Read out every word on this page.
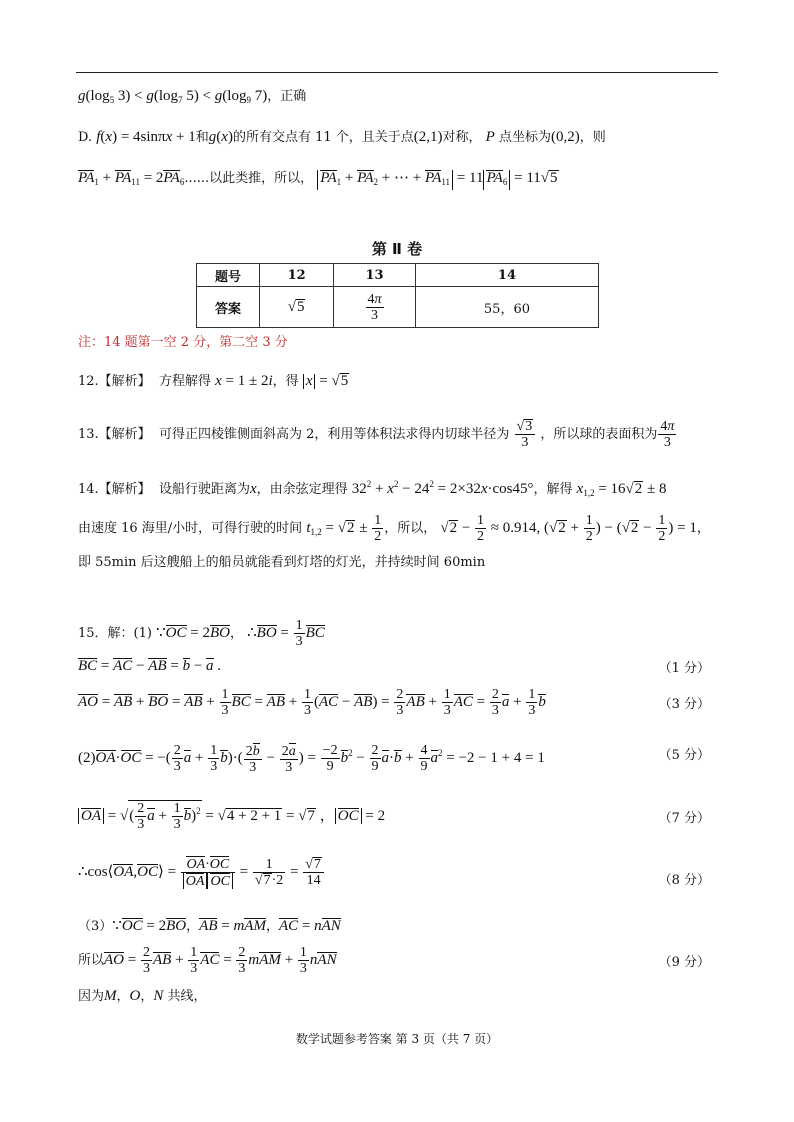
$g(\log_5$ $3) < g(\log_7$ $5) < g(\log_9$ 7)，正确
D. f(x) = 4sinπx + 1和g(x)的所有交点有 11 个，且关于点(2,1)对称， P 点坐标为(0,2)，则
$PA_1 + PA_{11} = 2PA_6$......以此类推，所以， $PA_1 + PA_2$ + ⋯ + $PA_{11} = 11$ $PA_6 = 11√5$
第 Ⅱ 卷
题号	12	13	14
答案	√5	$\frac{4\pi}{3}$	55，60
注：14 题第一空 2 分，第二空 3 分
12.【解析】 方程解得 x = 1 ± 2i，得 x = √5
13.【解析】 可得正四棱锥侧面斜高为 2，利用等体积法求得内切球半径为 $\frac{√3}{3}$ ，所以球的表面积为 $\frac{4\pi}{3}$
14.【解析】 设船行驶距离为x，由余弦定理得 $32^2 + x^2 - 24^2 = 2\times 32x\cdot\cos 45^\circ$，解得 $x_{1,2} = 16√2 \pm 8$
由速度 16 海里/小时，可得行驶的时间 $t_{1,2} = √2 \pm \frac{1}{2}$ ，所以， $√2 - \frac{1}{2} \approx 0.914$, ($√2 + \frac{1}{2}$ ) − ($√2 - \frac{1}{2}$ ) = 1，
即 55min 后这艘船上的船员就能看到灯塔的灯光，并持续时间 60min
15．解：(1) ∵OC = 2BO， ∴BO = $\frac{1}{3}$ BC
BC = AC − AB = b − a .	（1 分）
AO = AB + BO = AB + $\frac{1}{3}$ BC = AB + $\frac{1}{3} (AC - AB) = \frac{2}{3}$ AB + $\frac{1}{3}$ AC = $\frac{2}{3}$ $a + \frac{1}{3}$ b	（3 分）
(2)OA·OC = −( $\frac{2}{3}$ $a + \frac{1}{3} b)\cdot( \frac{2b}{3} - \frac{2a}{3}$ ) = $\frac{-2}{9} b^2 - \frac{2}{9} a\cdot b + \frac{4}{9} a^2 = -2 - 1 + 4 = 1$	（5 分）
OA = √( $\frac{2}{3}$ $a + \frac{1}{3} b)^2 = √4 + 2 + 1 = √7$ ， OC = 2	（7 分）
∴cos⟨OA,OC⟩ = $\frac{OA\cdot OC}{\text{OA OC}} = \frac{1}{√7\cdot 2} = \frac{√7}{14}$	（8 分）
（3）∵OC = 2BO，AB = mAM，AC = nAN
所以AO = $\frac{2}{3}$ AB + $\frac{1}{3}$ AC = $\frac{2}{3}$ mAM + $\frac{1}{3}$ nAN	（9 分）
因为M，O，N 共线，
数学试题参考答案 第 3 页（共 7 页）
